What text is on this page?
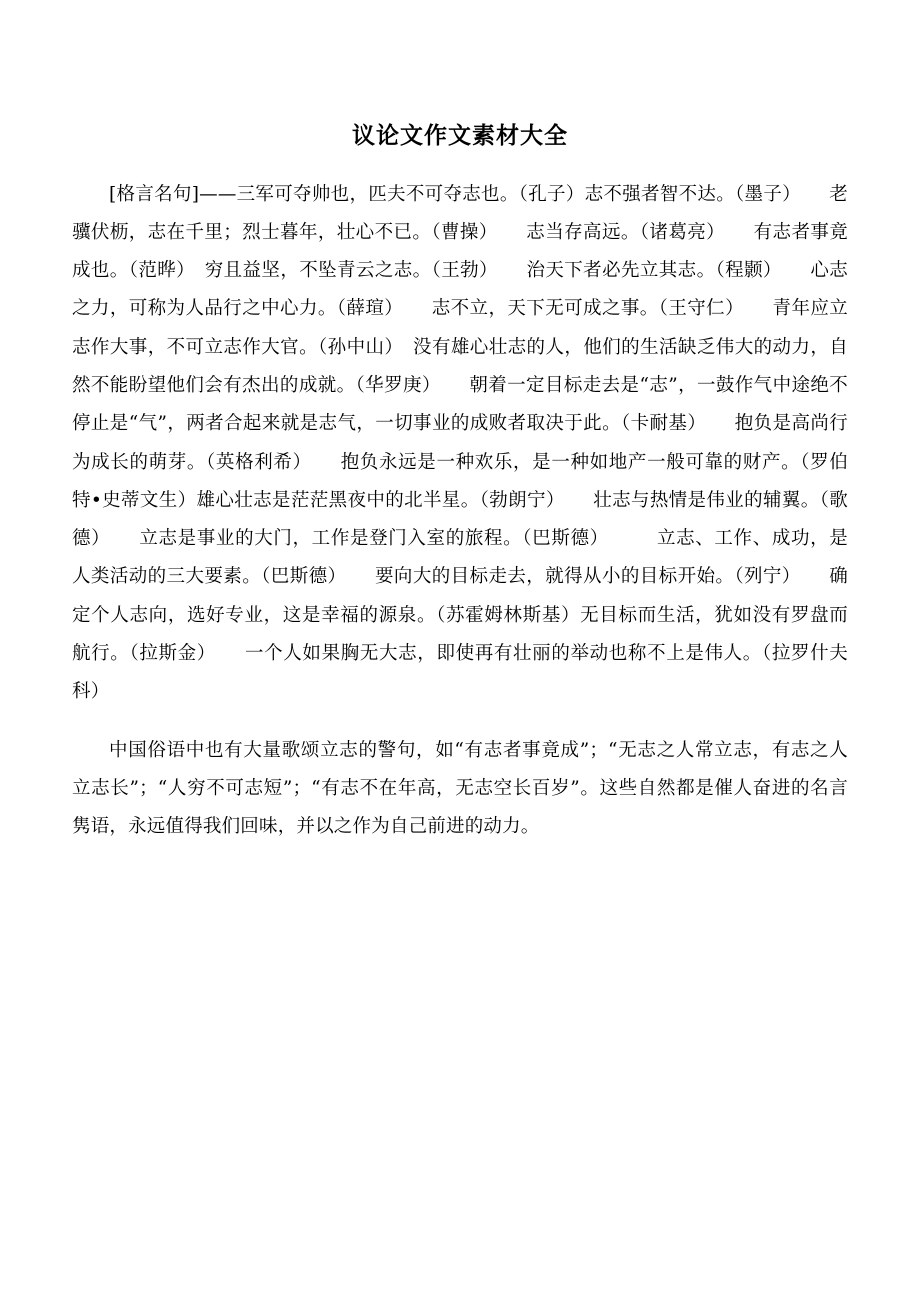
议论文作文素材大全

[格言名句]——三军可夺帅也，匹夫不可夺志也。（孔子）志不强者智不达。（墨子）　　老骥伏枥，志在千里；烈士暮年，壮心不已。（曹操）　　志当存高远。（诸葛亮）　　有志者事竟成也。（范晔）　穷且益坚，不坠青云之志。（王勃）　　治天下者必先立其志。（程颢）　　心志之力，可称为人品行之中心力。（薛瑄）　　志不立，天下无可成之事。（王守仁）　　青年应立志作大事，不可立志作大官。（孙中山）　没有雄心壮志的人，他们的生活缺乏伟大的动力，自然不能盼望他们会有杰出的成就。（华罗庚）　　朝着一定目标走去是“志”，一鼓作气中途绝不停止是“气”，两者合起来就是志气，一切事业的成败者取决于此。（卡耐基）　　抱负是高尚行为成长的萌芽。（英格利希）　　抱负永远是一种欢乐，是一种如地产一般可靠的财产。（罗伯特•史蒂文生）雄心壮志是茫茫黑夜中的北半星。（勃朗宁）　　壮志与热情是伟业的辅翼。（歌德）　　立志是事业的大门，工作是登门入室的旅程。（巴斯德）　　　立志、工作、成功，是人类活动的三大要素。（巴斯德）　　要向大的目标走去，就得从小的目标开始。（列宁）　　确定个人志向，选好专业，这是幸福的源泉。（苏霍姆林斯基）无目标而生活，犹如没有罗盘而航行。（拉斯金）　　一个人如果胸无大志，即使再有壮丽的举动也称不上是伟人。（拉罗什夫科）

中国俗语中也有大量歌颂立志的警句，如“有志者事竟成”；“无志之人常立志，有志之人立志长”；“人穷不可志短”；“有志不在年高，无志空长百岁”。这些自然都是催人奋进的名言隽语，永远值得我们回味，并以之作为自己前进的动力。
